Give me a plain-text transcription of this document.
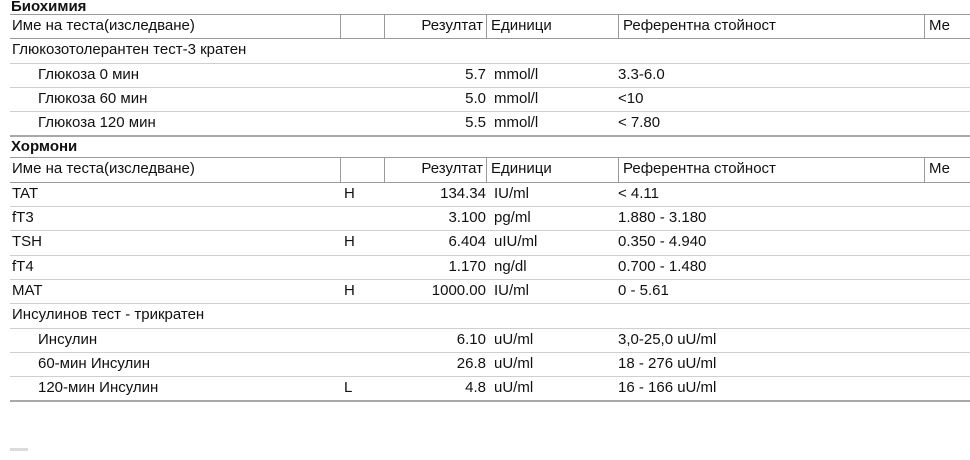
Биохимия
Име на теста(изследване)	Резултат Единици	Референтна стойност	Ме
Глюкозотолерантен тест-3 кратен
Глюкоза 0 мин	5.7 mmol/l	3.3-6.0
Глюкоза 60 мин	5.0 mmol/l	<10
Глюкоза 120 мин	5.5 mmol/l	< 7.80
Хормони
Име на теста(изследване)	Резултат Единици	Референтна стойност	Ме
TAT	H	134.34 IU/ml	< 4.11
fT3	3.100 pg/ml	1.880 - 3.180
TSH	H	6.404 uIU/ml	0.350 - 4.940
fT4	1.170 ng/dl	0.700 - 1.480
MAT	H	1000.00 IU/ml	0 - 5.61
Инсулинов тест - трикратен
Инсулин	6.10 uU/ml	3,0-25,0 uU/ml
60-мин Инсулин	26.8 uU/ml	18 - 276 uU/ml
120-мин Инсулин	L	4.8 uU/ml	16 - 166 uU/ml
